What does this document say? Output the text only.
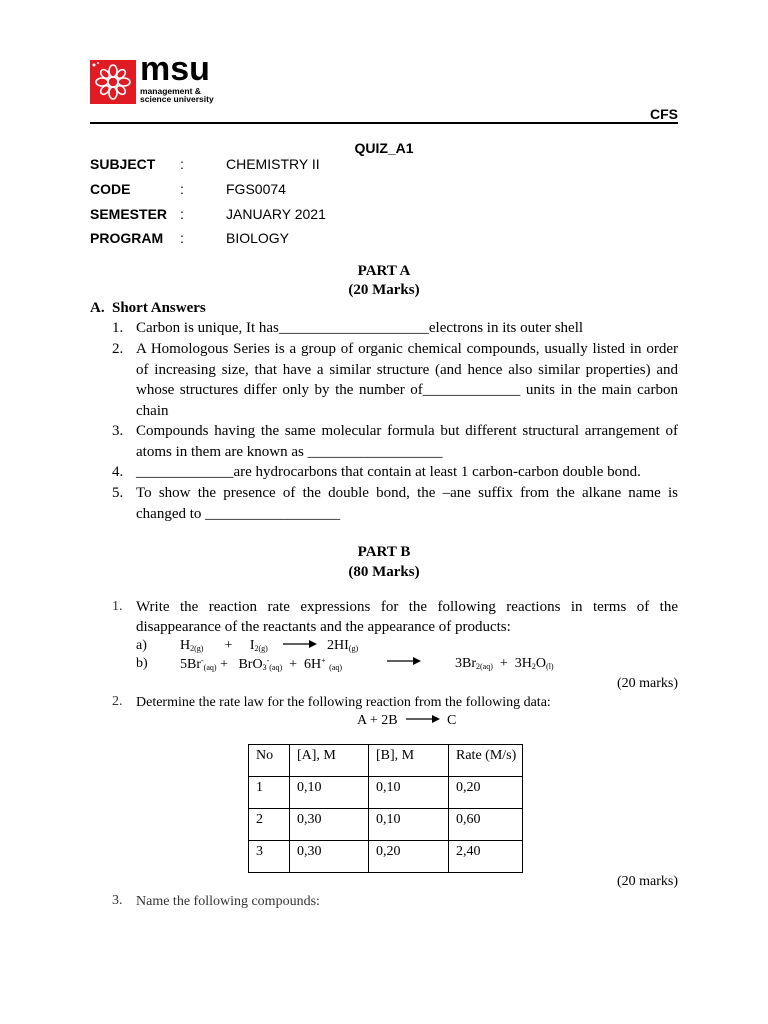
msu
management &
science university
CFS
QUIZ_A1
SUBJECT :	CHEMISTRY II
CODE	:	FGS0074
SEMESTER :	JANUARY 2021
PROGRAM :	BIOLOGY
PART A
(20 Marks)
A. Short Answers
1. Carbon is unique, It has____________________electrons in its outer shell
2. A Homologous Series is a group of organic chemical compounds, usually listed in order of increasing size, that have a similar structure (and hence also similar properties) and whose structures differ only by the number of_____________ units in the main carbon chain
3. Compounds having the same molecular formula but different structural arrangement of atoms in them are known as __________________
4. _____________are hydrocarbons that contain at least 1 carbon-carbon double bond.
5. To show the presence of the double bond, the –ane suffix from the alkane name is changed to __________________
PART B
(80 Marks)
1. Write the reaction rate expressions for the following reactions in terms of the disappearance of the reactants and the appearance of products:
a) $H_{2(g)}$      +     $I_{2(g)} \to 2HI_{(g)}$
b) $5Br^-_{(aq)} + BrO_3^-_{(aq)} + 6H^+$ $_{(aq)}$	$3Br_{2(aq)} + 3H_2O_{(l)}$
(20 marks)
2. Determine the rate law for the following reaction from the following data:
A + 2B → C
No	[A], M	[B], M	Rate (M/s)
1	0,10	0,10	0,20
2	0,30	0,10	0,60
3	0,30	0,20	2,40
(20 marks)
3. Name the following compounds:
